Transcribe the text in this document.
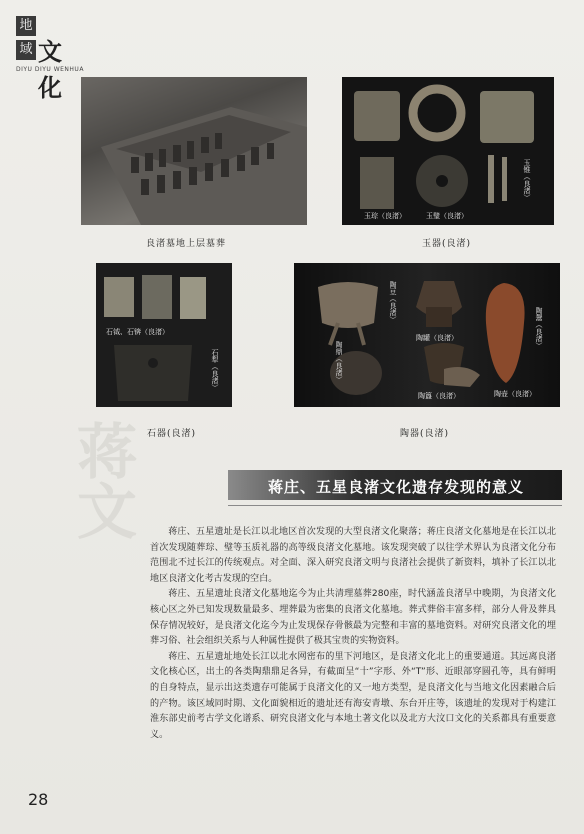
地
域 文
化
DIYU DIYU WENHUA
良渚墓地上层墓葬
玉琮（良渚）	玉璧（良渚）
玉锥（良渚）
玉器(良渚)
石钺、石锛（良渚）
石犁（良渚）
石器(良渚)
陶豆（良渚）
陶鼎（良渚）
陶罐（良渚）
陶壶（良渚）
陶簋（良渚）
陶鬶（良渚）
陶器(良渚)
蒋文	蒋庄、五星良渚文化遗存发现的意义

蒋庄、五星遗址是长江以北地区首次发现的大型良渚文化聚落；蒋庄良渚文化墓地是在长江以北首次发现随葬琮、璧等玉质礼器的高等级良渚文化墓地。该发现突破了以往学术界认为良渚文化分布范围北不过长江的传统观点。对全面、深入研究良渚文明与良渚社会提供了新资料，填补了长江以北地区良渚文化考古发现的空白。

蒋庄、五星遗址良渚文化墓地迄今为止共清理墓葬280座，时代涵盖良渚早中晚期，为良渚文化核心区之外已知发现数量最多、埋葬最为密集的良渚文化墓地。葬式葬俗丰富多样，部分人骨及葬具保存情况较好，是良渚文化迄今为止发现保存骨骸最为完整和丰富的墓地资料。对研究良渚文化的埋葬习俗、社会组织关系与人种属性提供了极其宝贵的实物资料。

蒋庄、五星遗址地处长江以北水网密布的里下河地区，是良渚文化北上的重要通道。其远离良渚文化核心区，出土的各类陶鼎鼎足各异，有截面呈“十”字形、外“T”形、近眼部穿圆孔等，具有鲜明的自身特点，显示出这类遗存可能属于良渚文化的又一地方类型，是良渚文化与当地文化因素融合后的产物。该区域同时期、文化面貌相近的遗址还有海安青墩、东台开庄等，该遗址的发现对于构建江淮东部史前考古学文化谱系、研究良渚文化与本地土著文化以及北方大汶口文化的关系都具有重要意义。

28
